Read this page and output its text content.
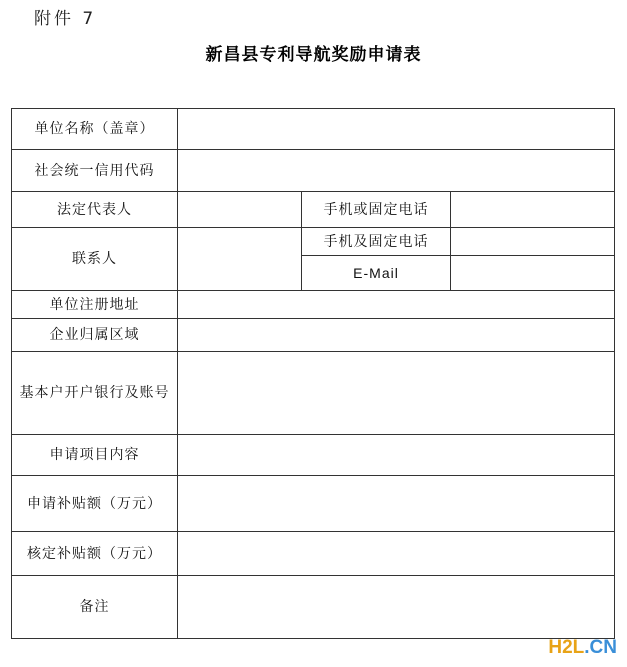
附件 7
新昌县专利导航奖励申请表
单位名称（盖章）			
社会统一信用代码			
法定代表人		手机或固定电话	
联系人		手机及固定电话	
		E-Mail	
单位注册地址			
企业归属区域			
基本户开户银行及账号			
申请项目内容			
申请补贴额（万元）			
核定补贴额（万元）			
备注			
H2L.CN
